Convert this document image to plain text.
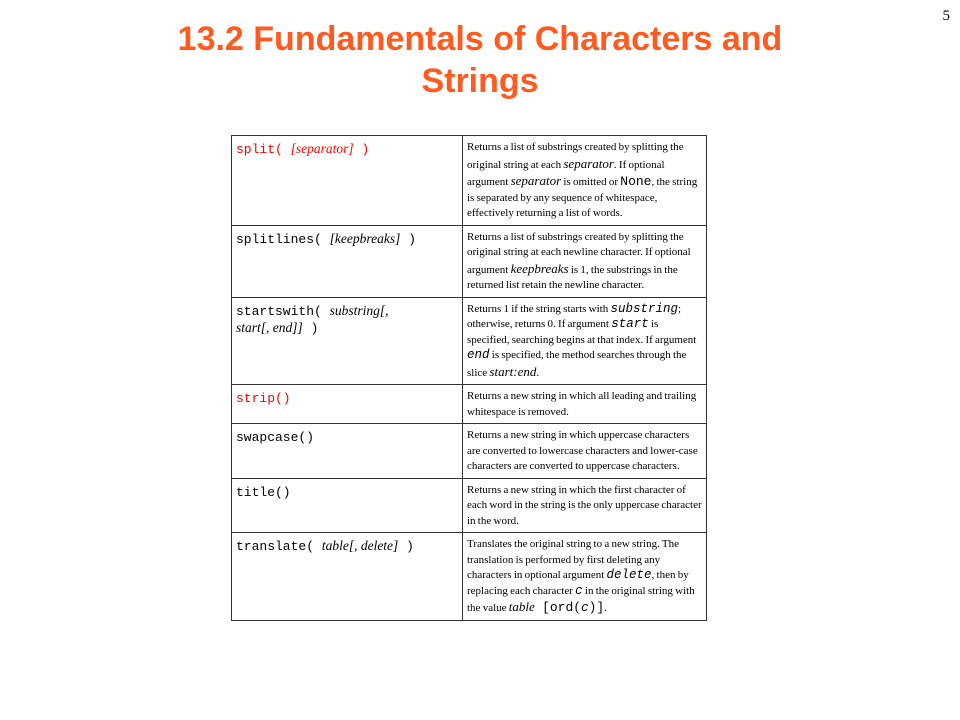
5
13.2 Fundamentals of Characters and
Strings
split( [separator] )	Returns a list of substrings created by splitting the original string at each separator. If optional argument separator is omitted or None, the string is separated by any sequence of whitespace, effectively returning a list of words.
splitlines( [keepbreaks] )	Returns a list of substrings created by splitting the original string at each newline character. If optional argument keepbreaks is 1, the substrings in the returned list retain the newline character.
startswith( substring[,
start[, end]] )	Returns 1 if the string starts with substring; otherwise, returns 0. If argument start is specified, searching begins at that index. If argument end is specified, the method searches through the slice start:end.
strip()	Returns a new string in which all leading and trailing whitespace is removed.
swapcase()	Returns a new string in which uppercase characters are converted to lowercase characters and lower-case characters are converted to uppercase characters.
title()	Returns a new string in which the first character of each word in the string is the only uppercase character in the word.
translate( table[, delete] )	Translates the original string to a new string. The translation is performed by first deleting any characters in optional argument delete, then by replacing each character c in the original string with the value table [ord(c)].
